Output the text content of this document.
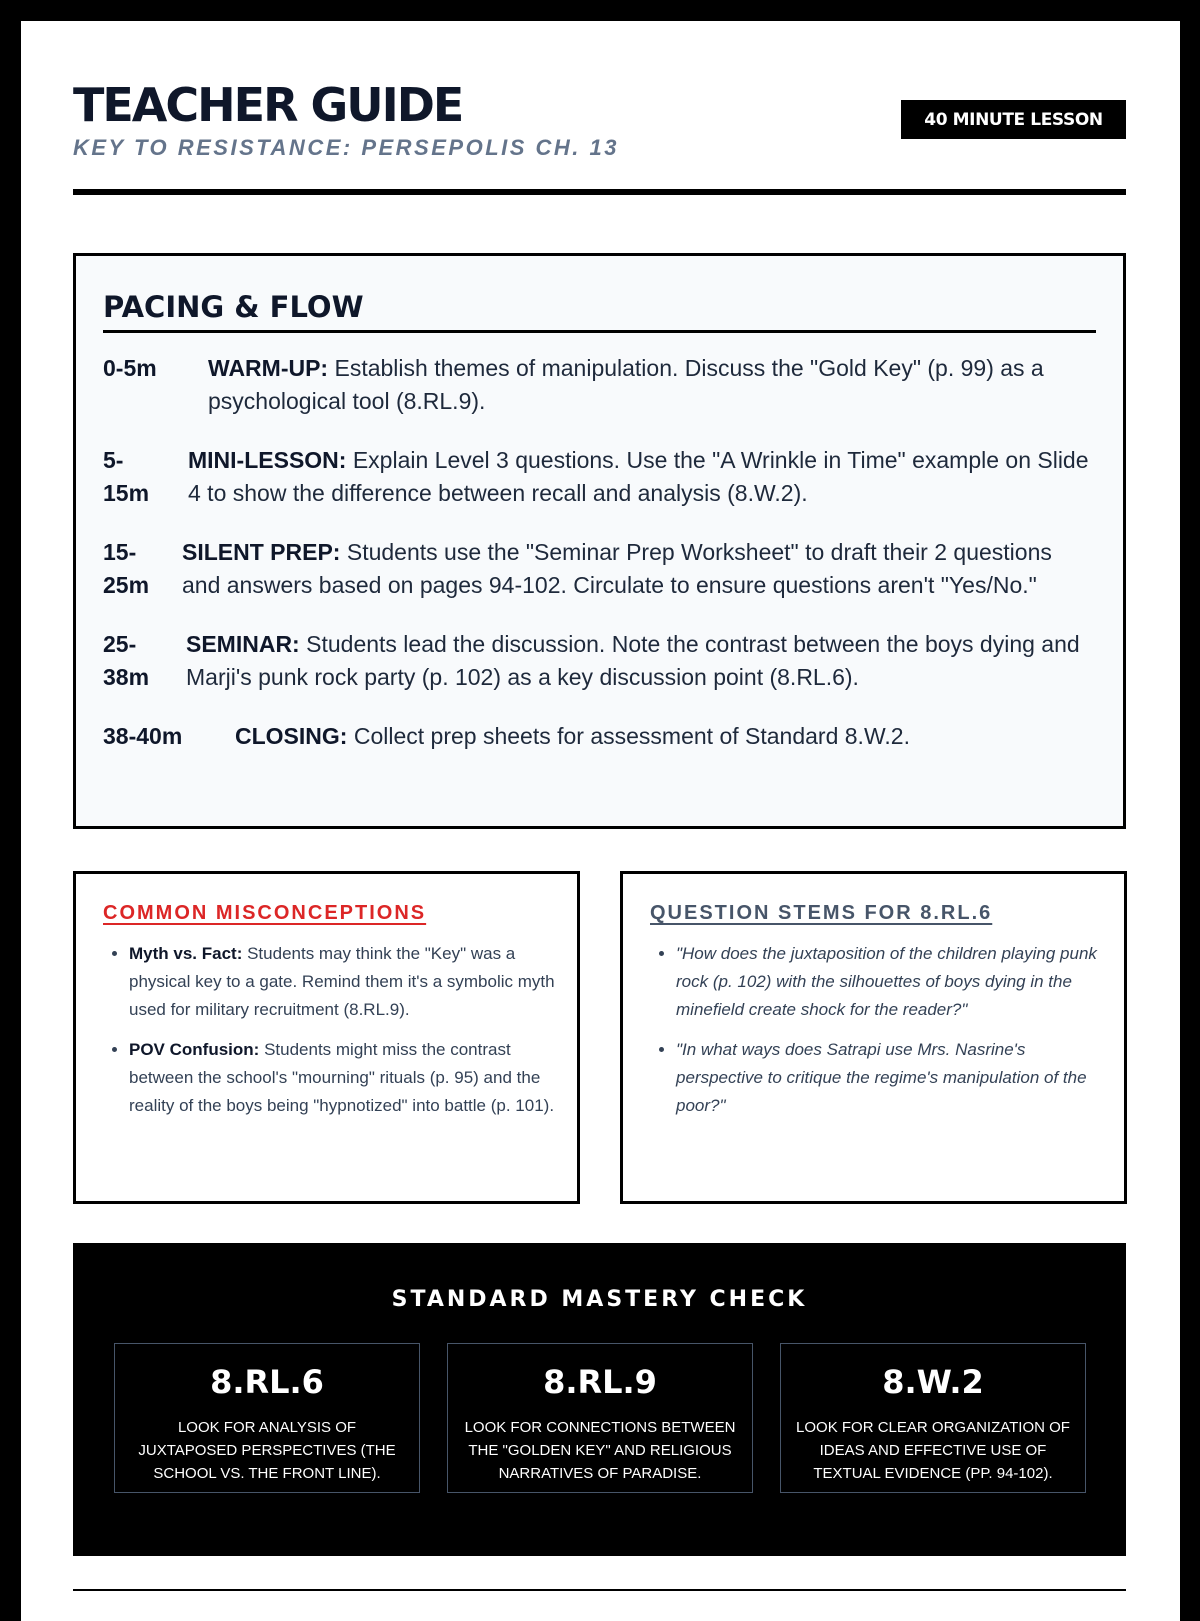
TEACHER GUIDE

KEY TO RESISTANCE: PERSEPOLIS CH. 13

40 MINUTE LESSON
PACING & FLOW
0-5m	WARM-UP: Establish themes of manipulation. Discuss the "Gold Key" (p. 99) as a psychological tool (8.RL.9).
5-
15m
MINI-LESSON: Explain Level 3 questions. Use the "A Wrinkle in Time" example on Slide 4 to show the difference between recall and analysis (8.W.2).
15-
25m
SILENT PREP: Students use the "Seminar Prep Worksheet" to draft their 2 questions and answers based on pages 94-102. Circulate to ensure questions aren't "Yes/No."
25-
38m
SEMINAR: Students lead the discussion. Note the contrast between the boys dying and Marji's punk rock party (p. 102) as a key discussion point (8.RL.6).
38-40m	CLOSING: Collect prep sheets for assessment of Standard 8.W.2.
COMMON MISCONCEPTIONS
• Myth vs. Fact: Students may think the "Key" was a physical key to a gate. Remind them it's a symbolic myth used for military recruitment (8.RL.9).
• POV Confusion: Students might miss the contrast between the school's "mourning" rituals (p. 95) and the reality of the boys being "hypnotized" into battle (p. 101).
QUESTION STEMS FOR 8.RL.6
• "How does the juxtaposition of the children playing punk rock (p. 102) with the silhouettes of boys dying in the minefield create shock for the reader?"
• "In what ways does Satrapi use Mrs. Nasrine's perspective to critique the regime's manipulation of the poor?"
STANDARD MASTERY CHECK
8.RL.6
LOOK FOR ANALYSIS OF JUXTAPOSED PERSPECTIVES (THE SCHOOL VS. THE FRONT LINE).
8.RL.9
LOOK FOR CONNECTIONS BETWEEN THE "GOLDEN KEY" AND RELIGIOUS NARRATIVES OF PARADISE.
8.W.2
LOOK FOR CLEAR ORGANIZATION OF IDEAS AND EFFECTIVE USE OF TEXTUAL EVIDENCE (PP. 94-102).
